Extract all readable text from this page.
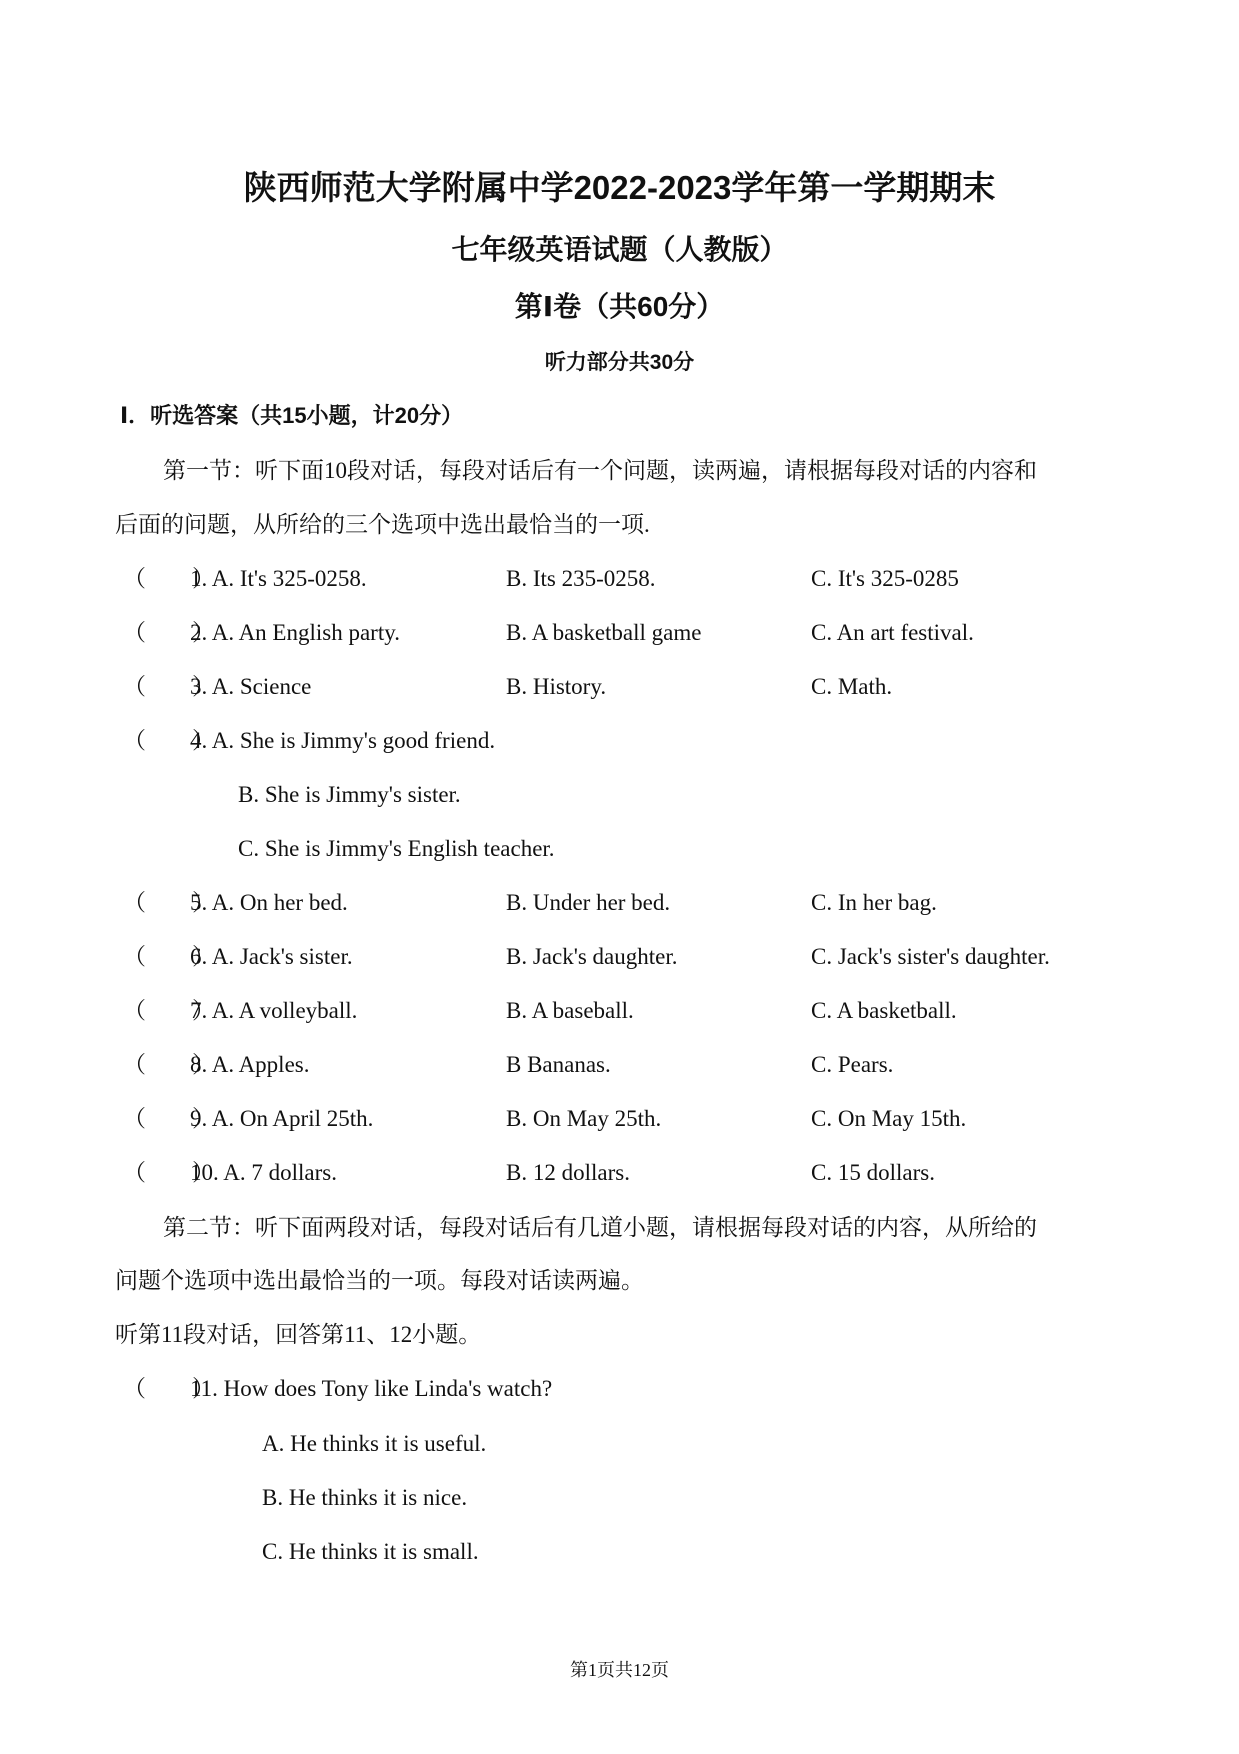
陕西师范大学附属中学2022-2023学年第一学期期末
七年级英语试题（人教版）
第Ⅰ卷（共60分）
听力部分共30分
Ⅰ．听选答案（共15小题，计20分）
第一节：听下面10段对话，每段对话后有一个问题，读两遍，请根据每段对话的内容和
后面的问题，从所给的三个选项中选出最恰当的一项.
（　　）
1. A. It's 325-0258.	B. Its 235-0258.	C. It's 325-0285
（　　）
2. A. An English party.	B. A basketball game	C. An art festival.
（　　）
3. A. Science	B. History.	C. Math.
（　　）
4. A. She is Jimmy's good friend.
B. She is Jimmy's sister.
C. She is Jimmy's English teacher.
（　　）
5. A. On her bed.	B. Under her bed.	C. In her bag.
（　　）
6. A. Jack's sister.	B. Jack's daughter.	C. Jack's sister's daughter.
（　　）
7. A. A volleyball.	B. A baseball.	C. A basketball.
（　　）
8. A. Apples.	B Bananas.	C. Pears.
（　　）
9. A. On April 25th.	B. On May 25th.	C. On May 15th.
（　　）
10. A. 7 dollars.	B. 12 dollars.	C. 15 dollars.
第二节：听下面两段对话，每段对话后有几道小题，请根据每段对话的内容，从所给的
问题个选项中选出最恰当的一项。每段对话读两遍。
听第11段对话，回答第11、12小题。
（　　）
11. How does Tony like Linda's watch?
A. He thinks it is useful.
B. He thinks it is nice.
C. He thinks it is small.
第1页共12页
